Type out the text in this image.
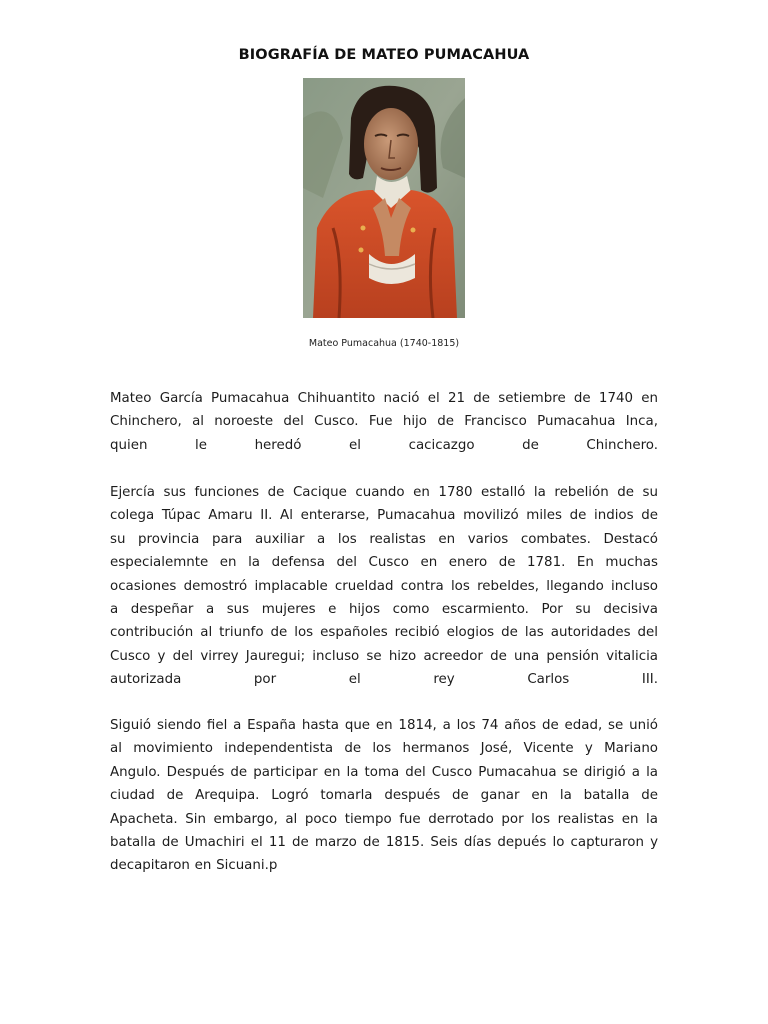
BIOGRAFÍA DE MATEO PUMACAHUA
Mateo Pumacahua (1740-1815)
Mateo García Pumacahua Chihuantito nació el 21 de setiembre de 1740 en
Chinchero, al noroeste del Cusco. Fue hijo de Francisco Pumacahua Inca,
quien le heredó el cacicazgo de Chinchero.
Ejercía sus funciones de Cacique cuando en 1780 estalló la rebelión de su
colega Túpac Amaru II. Al enterarse, Pumacahua movilizó miles de indios de
su provincia para auxiliar a los realistas en varios combates. Destacó
especialemnte en la defensa del Cusco en enero de 1781. En muchas
ocasiones demostró implacable crueldad contra los rebeldes, llegando incluso
a despeñar a sus mujeres e hijos como escarmiento. Por su decisiva
contribución al triunfo de los españoles recibió elogios de las autoridades del
Cusco y del virrey Jauregui; incluso se hizo acreedor de una pensión vitalicia
autorizada por el rey Carlos III.
Siguió siendo fiel a España hasta que en 1814, a los 74 años de edad, se unió
al movimiento independentista de los hermanos José, Vicente y Mariano
Angulo. Después de participar en la toma del Cusco Pumacahua se dirigió a la
ciudad de Arequipa. Logró tomarla después de ganar en la batalla de
Apacheta. Sin embargo, al poco tiempo fue derrotado por los realistas en la
batalla de Umachiri el 11 de marzo de 1815. Seis días depués lo capturaron y
decapitaron en Sicuani.p
